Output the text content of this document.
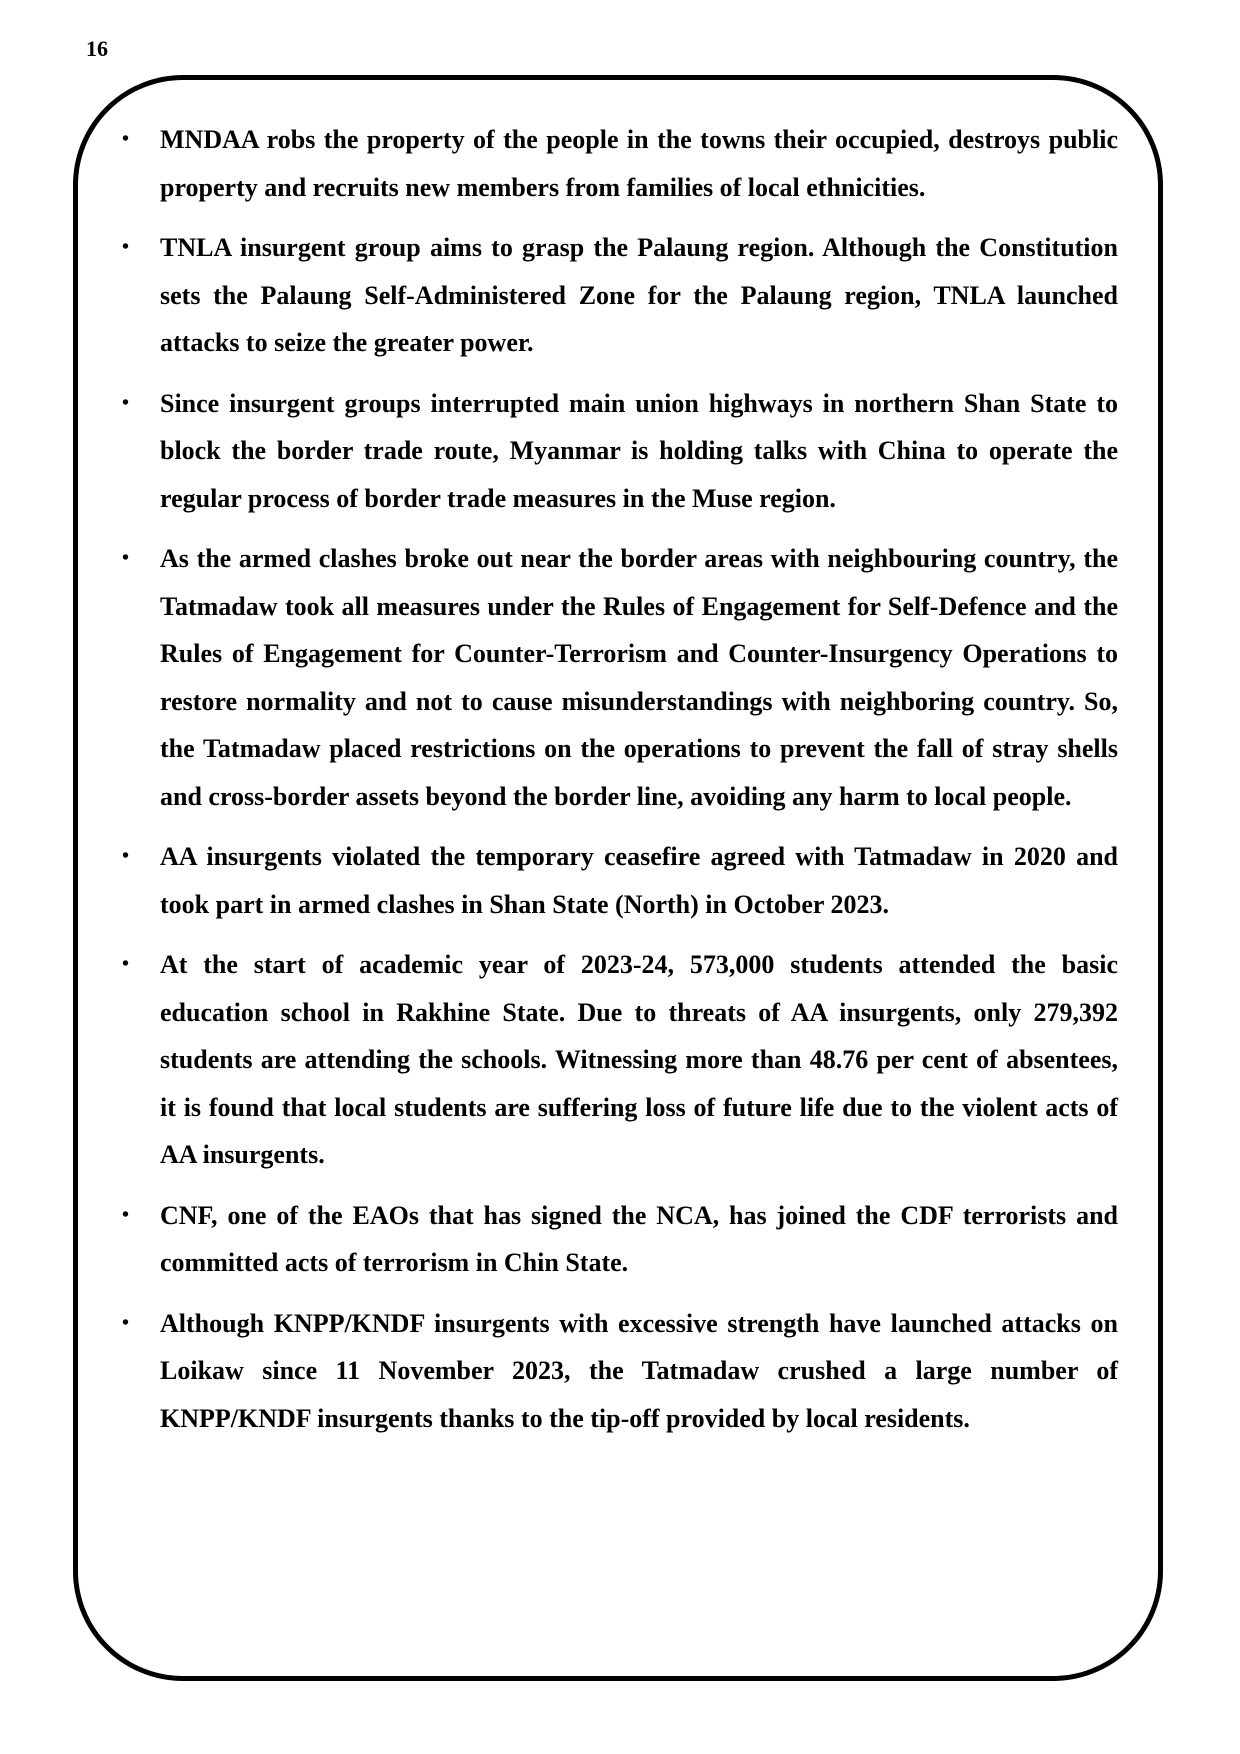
16
• MNDAA robs the property of the people in the towns their occupied, destroys public property and recruits new members from families of local ethnicities.
• TNLA insurgent group aims to grasp the Palaung region. Although the Constitution sets the Palaung Self-Administered Zone for the Palaung region, TNLA launched attacks to seize the greater power.
• Since insurgent groups interrupted main union highways in northern Shan State to block the border trade route, Myanmar is holding talks with China to operate the regular process of border trade measures in the Muse region.
• As the armed clashes broke out near the border areas with neighbouring country, the Tatmadaw took all measures under the Rules of Engagement for Self-Defence and the Rules of Engagement for Counter-Terrorism and Counter-Insurgency Operations to restore normality and not to cause misunderstandings with neighboring country. So, the Tatmadaw placed restrictions on the operations to prevent the fall of stray shells and cross-border assets beyond the border line, avoiding any harm to local people.
• AA insurgents violated the temporary ceasefire agreed with Tatmadaw in 2020 and took part in armed clashes in Shan State (North) in October 2023.
• At the start of academic year of 2023-24, 573,000 students attended the basic education school in Rakhine State. Due to threats of AA insurgents, only 279,392 students are attending the schools. Witnessing more than 48.76 per cent of absentees, it is found that local students are suffering loss of future life due to the violent acts of AA insurgents.
• CNF, one of the EAOs that has signed the NCA, has joined the CDF terrorists and committed acts of terrorism in Chin State.
• Although KNPP/KNDF insurgents with excessive strength have launched attacks on Loikaw since 11 November 2023, the Tatmadaw crushed a large number of KNPP/KNDF insurgents thanks to the tip-off provided by local residents.
